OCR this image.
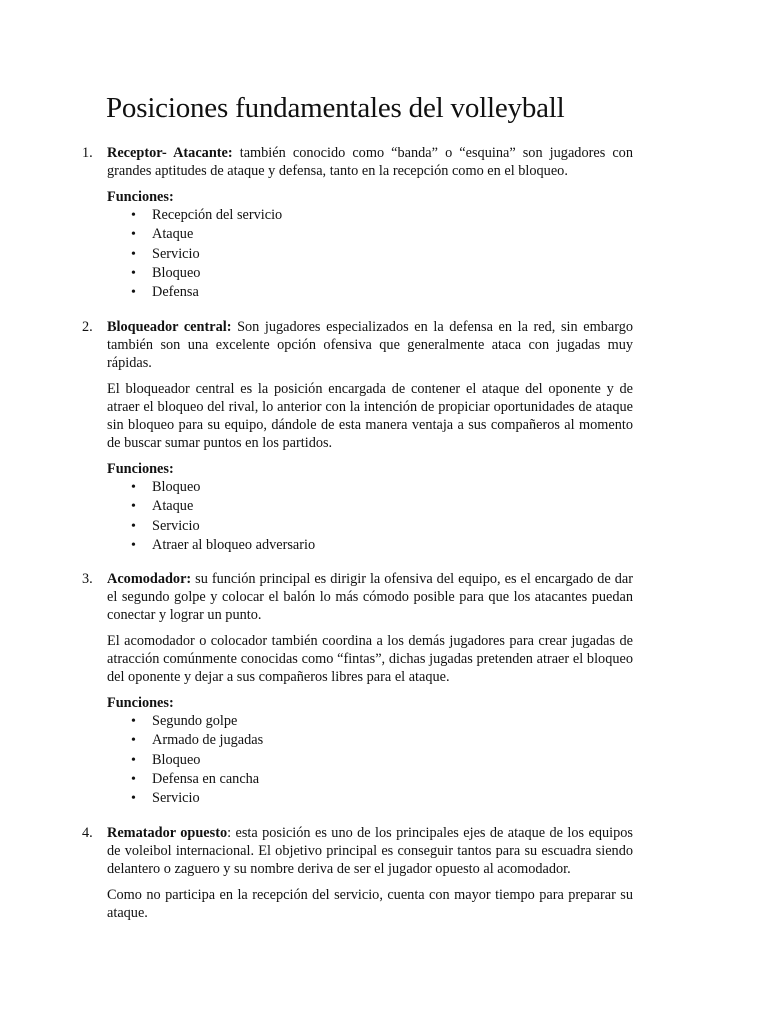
Posiciones fundamentales del volleyball
1. Receptor- Atacante: también conocido como “banda” o “esquina” son jugadores con grandes aptitudes de ataque y defensa, tanto en la recepción como en el bloqueo.

Funciones:

• Recepción del servicio
• Ataque
• Servicio
• Bloqueo
• Defensa
2. Bloqueador central: Son jugadores especializados en la defensa en la red, sin embargo también son una excelente opción ofensiva que generalmente ataca con jugadas muy rápidas.

El bloqueador central es la posición encargada de contener el ataque del oponente y de atraer el bloqueo del rival, lo anterior con la intención de propiciar oportunidades de ataque sin bloqueo para su equipo, dándole de esta manera ventaja a sus compañeros al momento de buscar sumar puntos en los partidos.

Funciones:

• Bloqueo
• Ataque
• Servicio
• Atraer al bloqueo adversario
3. Acomodador: su función principal es dirigir la ofensiva del equipo, es el encargado de dar el segundo golpe y colocar el balón lo más cómodo posible para que los atacantes puedan conectar y lograr un punto.

El acomodador o colocador también coordina a los demás jugadores para crear jugadas de atracción comúnmente conocidas como “fintas”, dichas jugadas pretenden atraer el bloqueo del oponente y dejar a sus compañeros libres para el ataque.

Funciones:

• Segundo golpe
• Armado de jugadas
• Bloqueo
• Defensa en cancha
• Servicio
4. Rematador opuesto: esta posición es uno de los principales ejes de ataque de los equipos de voleibol internacional. El objetivo principal es conseguir tantos para su escuadra siendo delantero o zaguero y su nombre deriva de ser el jugador opuesto al acomodador.

Como no participa en la recepción del servicio, cuenta con mayor tiempo para preparar su ataque.
